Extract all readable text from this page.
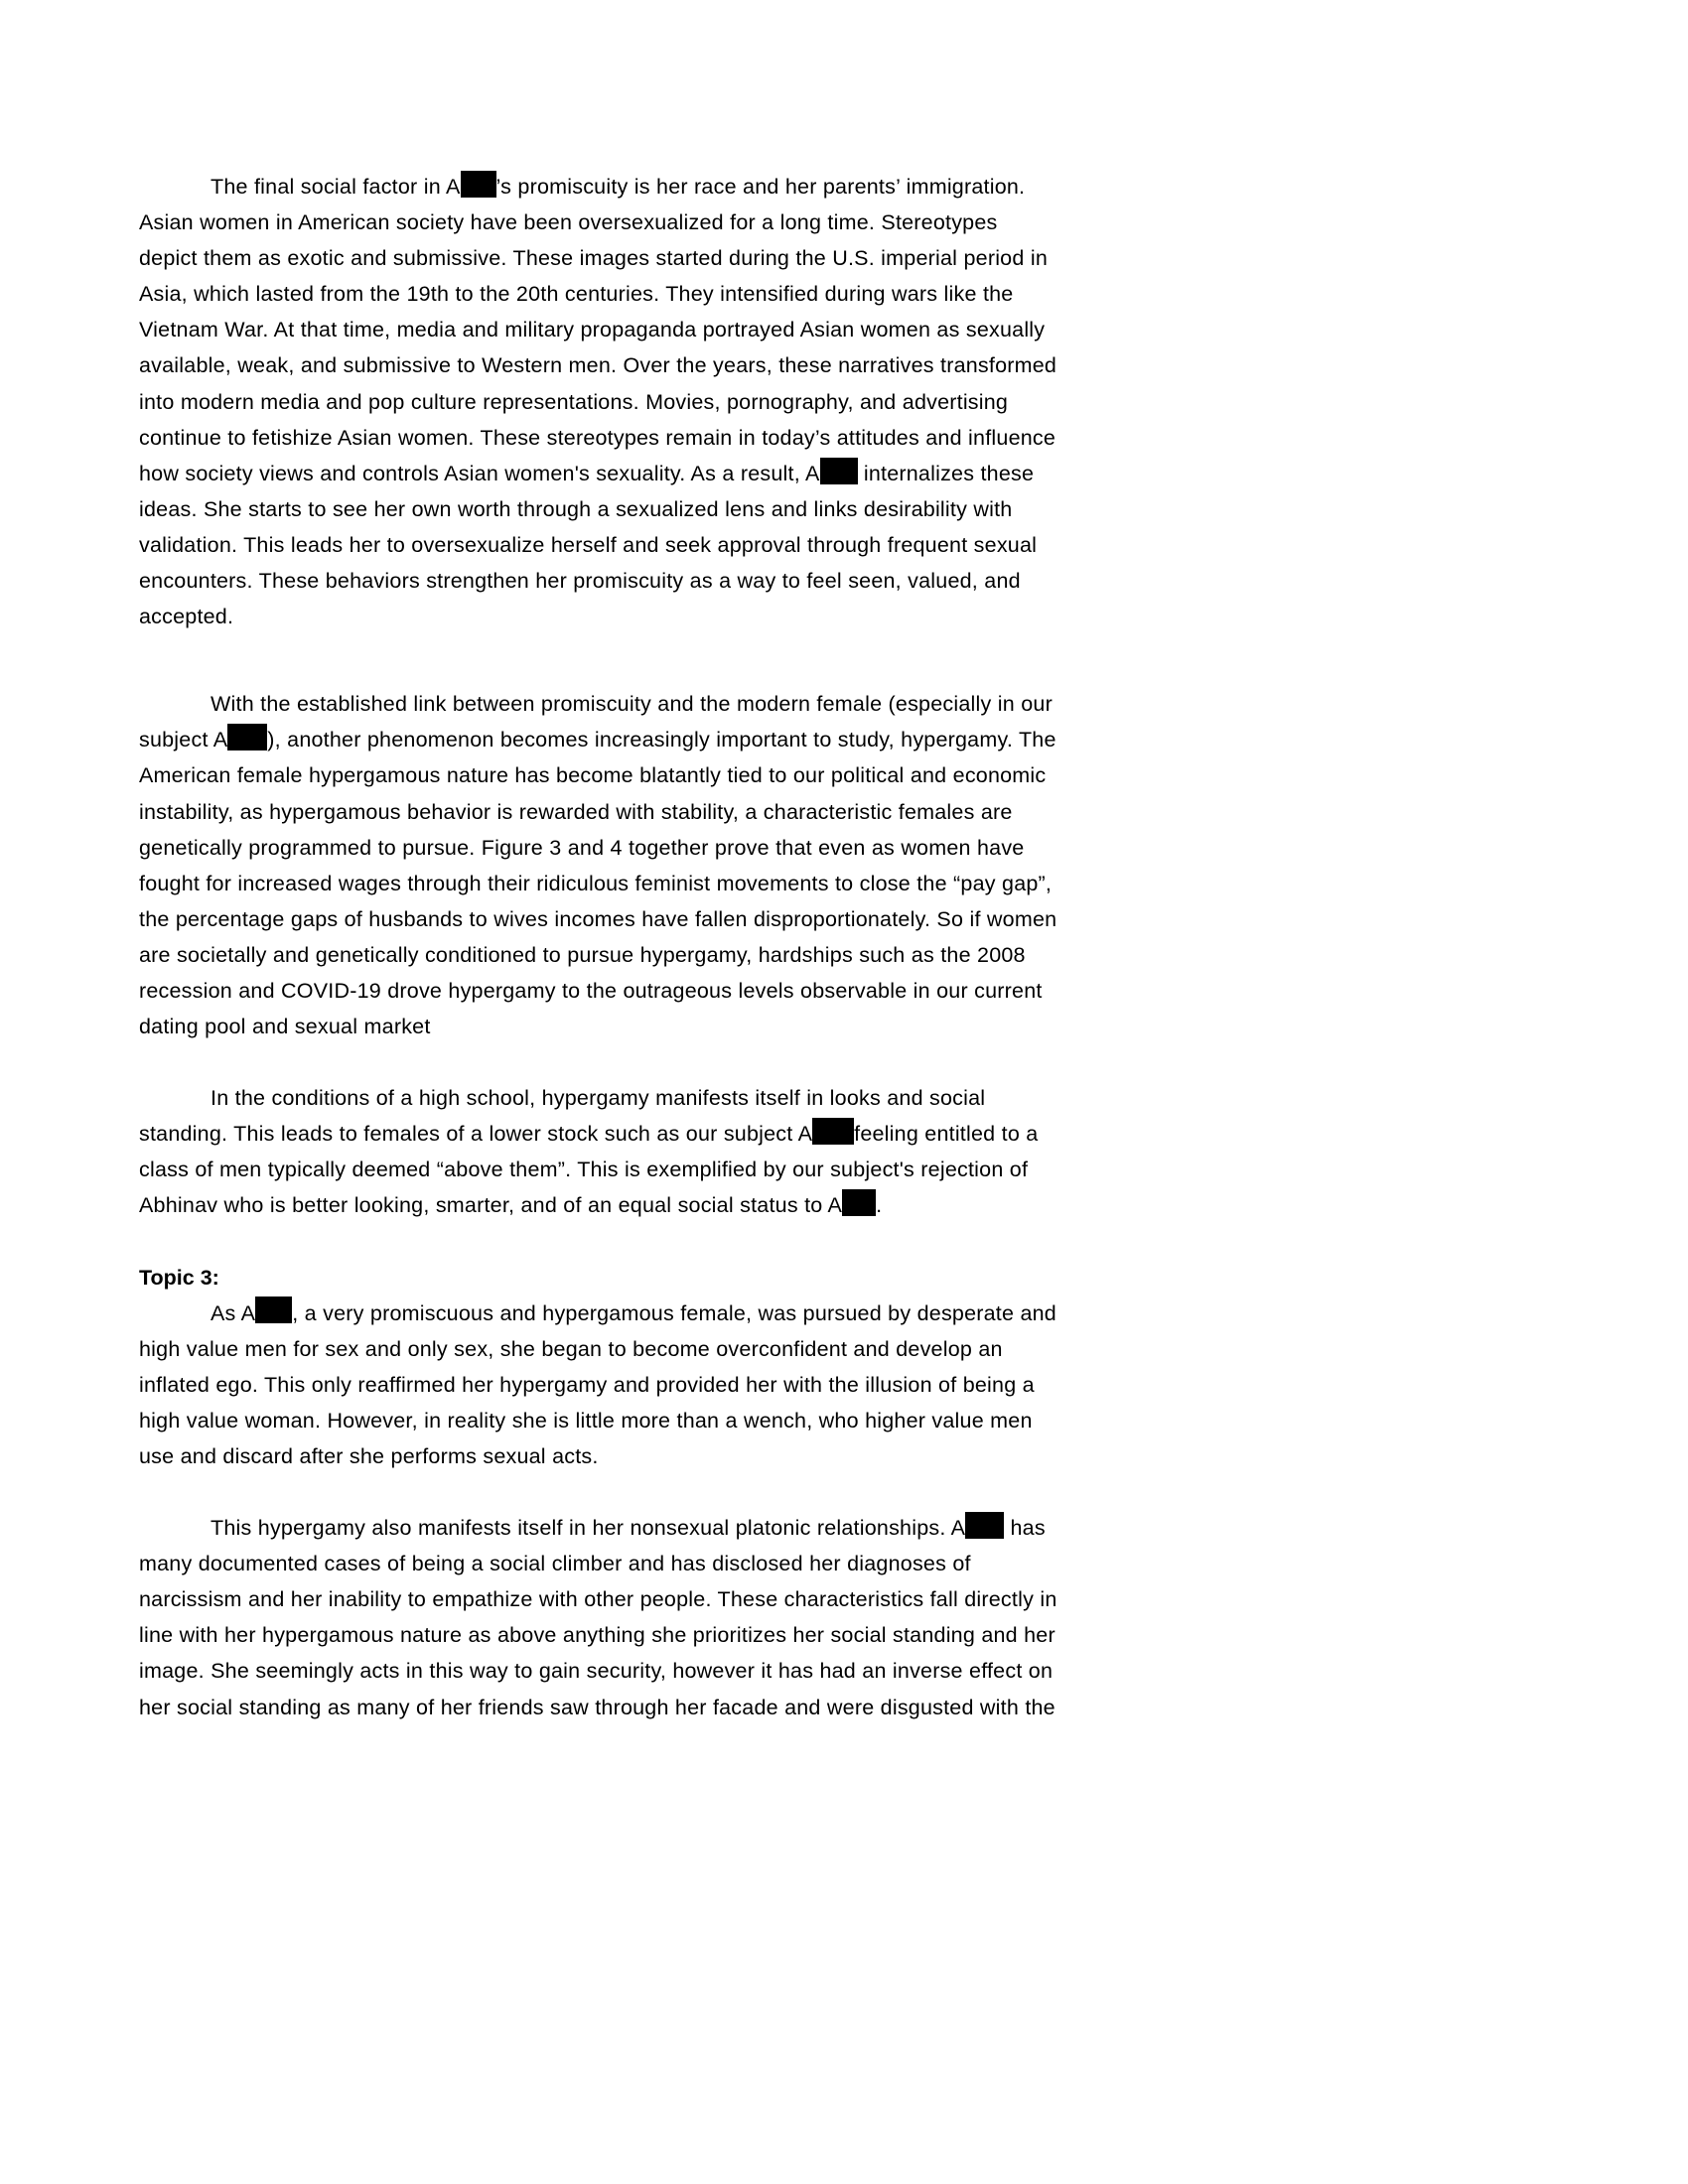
The final social factor in A ’s promiscuity is her race and her parents’ immigration. Asian women in American society have been oversexualized for a long time. Stereotypes depict them as exotic and submissive. These images started during the U.S. imperial period in Asia, which lasted from the 19th to the 20th centuries. They intensified during wars like the Vietnam War. At that time, media and military propaganda portrayed Asian women as sexually available, weak, and submissive to Western men. Over the years, these narratives transformed into modern media and pop culture representations. Movies, pornography, and advertising continue to fetishize Asian women. These stereotypes remain in today’s attitudes and influence how society views and controls Asian women's sexuality. As a result, A internalizes these ideas. She starts to see her own worth through a sexualized lens and links desirability with validation. This leads her to oversexualize herself and seek approval through frequent sexual encounters. These behaviors strengthen her promiscuity as a way to feel seen, valued, and accepted.

With the established link between promiscuity and the modern female (especially in our subject A ), another phenomenon becomes increasingly important to study, hypergamy. The American female hypergamous nature has become blatantly tied to our political and economic instability, as hypergamous behavior is rewarded with stability, a characteristic females are genetically programmed to pursue. Figure 3 and 4 together prove that even as women have fought for increased wages through their ridiculous feminist movements to close the “pay gap”, the percentage gaps of husbands to wives incomes have fallen disproportionately. So if women are societally and genetically conditioned to pursue hypergamy, hardships such as the 2008 recession and COVID-19 drove hypergamy to the outrageous levels observable in our current dating pool and sexual market

In the conditions of a high school, hypergamy manifests itself in looks and social standing. This leads to females of a lower stock such as our subject A feeling entitled to a class of men typically deemed “above them”. This is exemplified by our subject's rejection of Abhinav who is better looking, smarter, and of an equal social status to A .

Topic 3:

As A , a very promiscuous and hypergamous female, was pursued by desperate and high value men for sex and only sex, she began to become overconfident and develop an inflated ego. This only reaffirmed her hypergamy and provided her with the illusion of being a high value woman. However, in reality she is little more than a wench, who higher value men use and discard after she performs sexual acts.

This hypergamy also manifests itself in her nonsexual platonic relationships. A has many documented cases of being a social climber and has disclosed her diagnoses of narcissism and her inability to empathize with other people. These characteristics fall directly in line with her hypergamous nature as above anything she prioritizes her social standing and her image. She seemingly acts in this way to gain security, however it has had an inverse effect on her social standing as many of her friends saw through her facade and were disgusted with the
